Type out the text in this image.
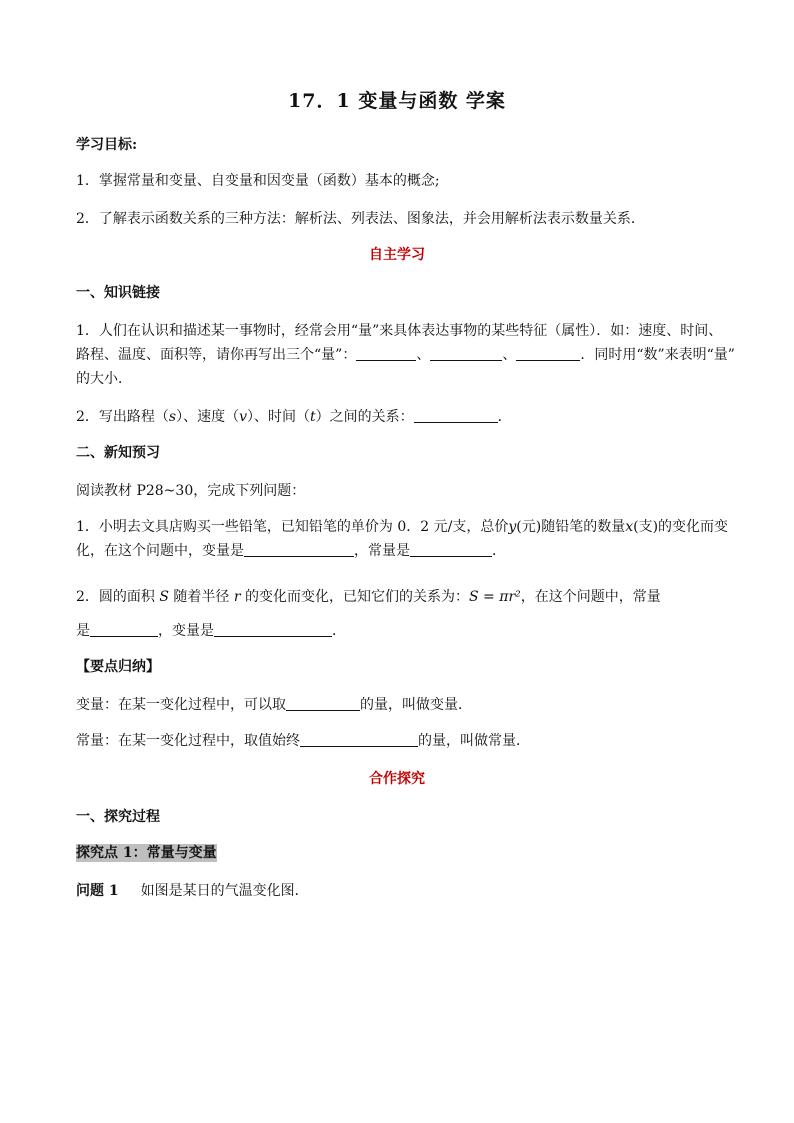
17．1 变量与函数 学案
学习目标:
1．掌握常量和变量、自变量和因变量（函数）基本的概念;
2．了解表示函数关系的三种方法：解析法、列表法、图象法，并会用解析法表示数量关系．
自主学习
一、知识链接
1．人们在认识和描述某一事物时，经常会用“量”来具体表达事物的某些特征（属性）．如：速度、时间、
路程、温度、面积等，请你再写出三个“量”：	、	、	．同时用“数”来表明“量”
的大小．
2．写出路程（s）、速度（v）、时间（t）之间的关系：	．
二、新知预习
阅读教材 P28~30，完成下列问题：
1．小明去文具店购买一些铅笔，已知铅笔的单价为 0．2 元/支，总价y(元)随铅笔的数量x(支)的变化而变
化，在这个问题中，变量是	，常量是	．
2．圆的面积 S 随着半径 r 的变化而变化，已知它们的关系为：S = πr²，在这个问题中，常量
是	，变量是	．
【要点归纳】
变量：在某一变化过程中，可以取	的量，叫做变量．
常量：在某一变化过程中，取值始终	的量，叫做常量．
合作探究
一、探究过程
探究点 1：常量与变量
问题 1 如图是某日的气温变化图．
